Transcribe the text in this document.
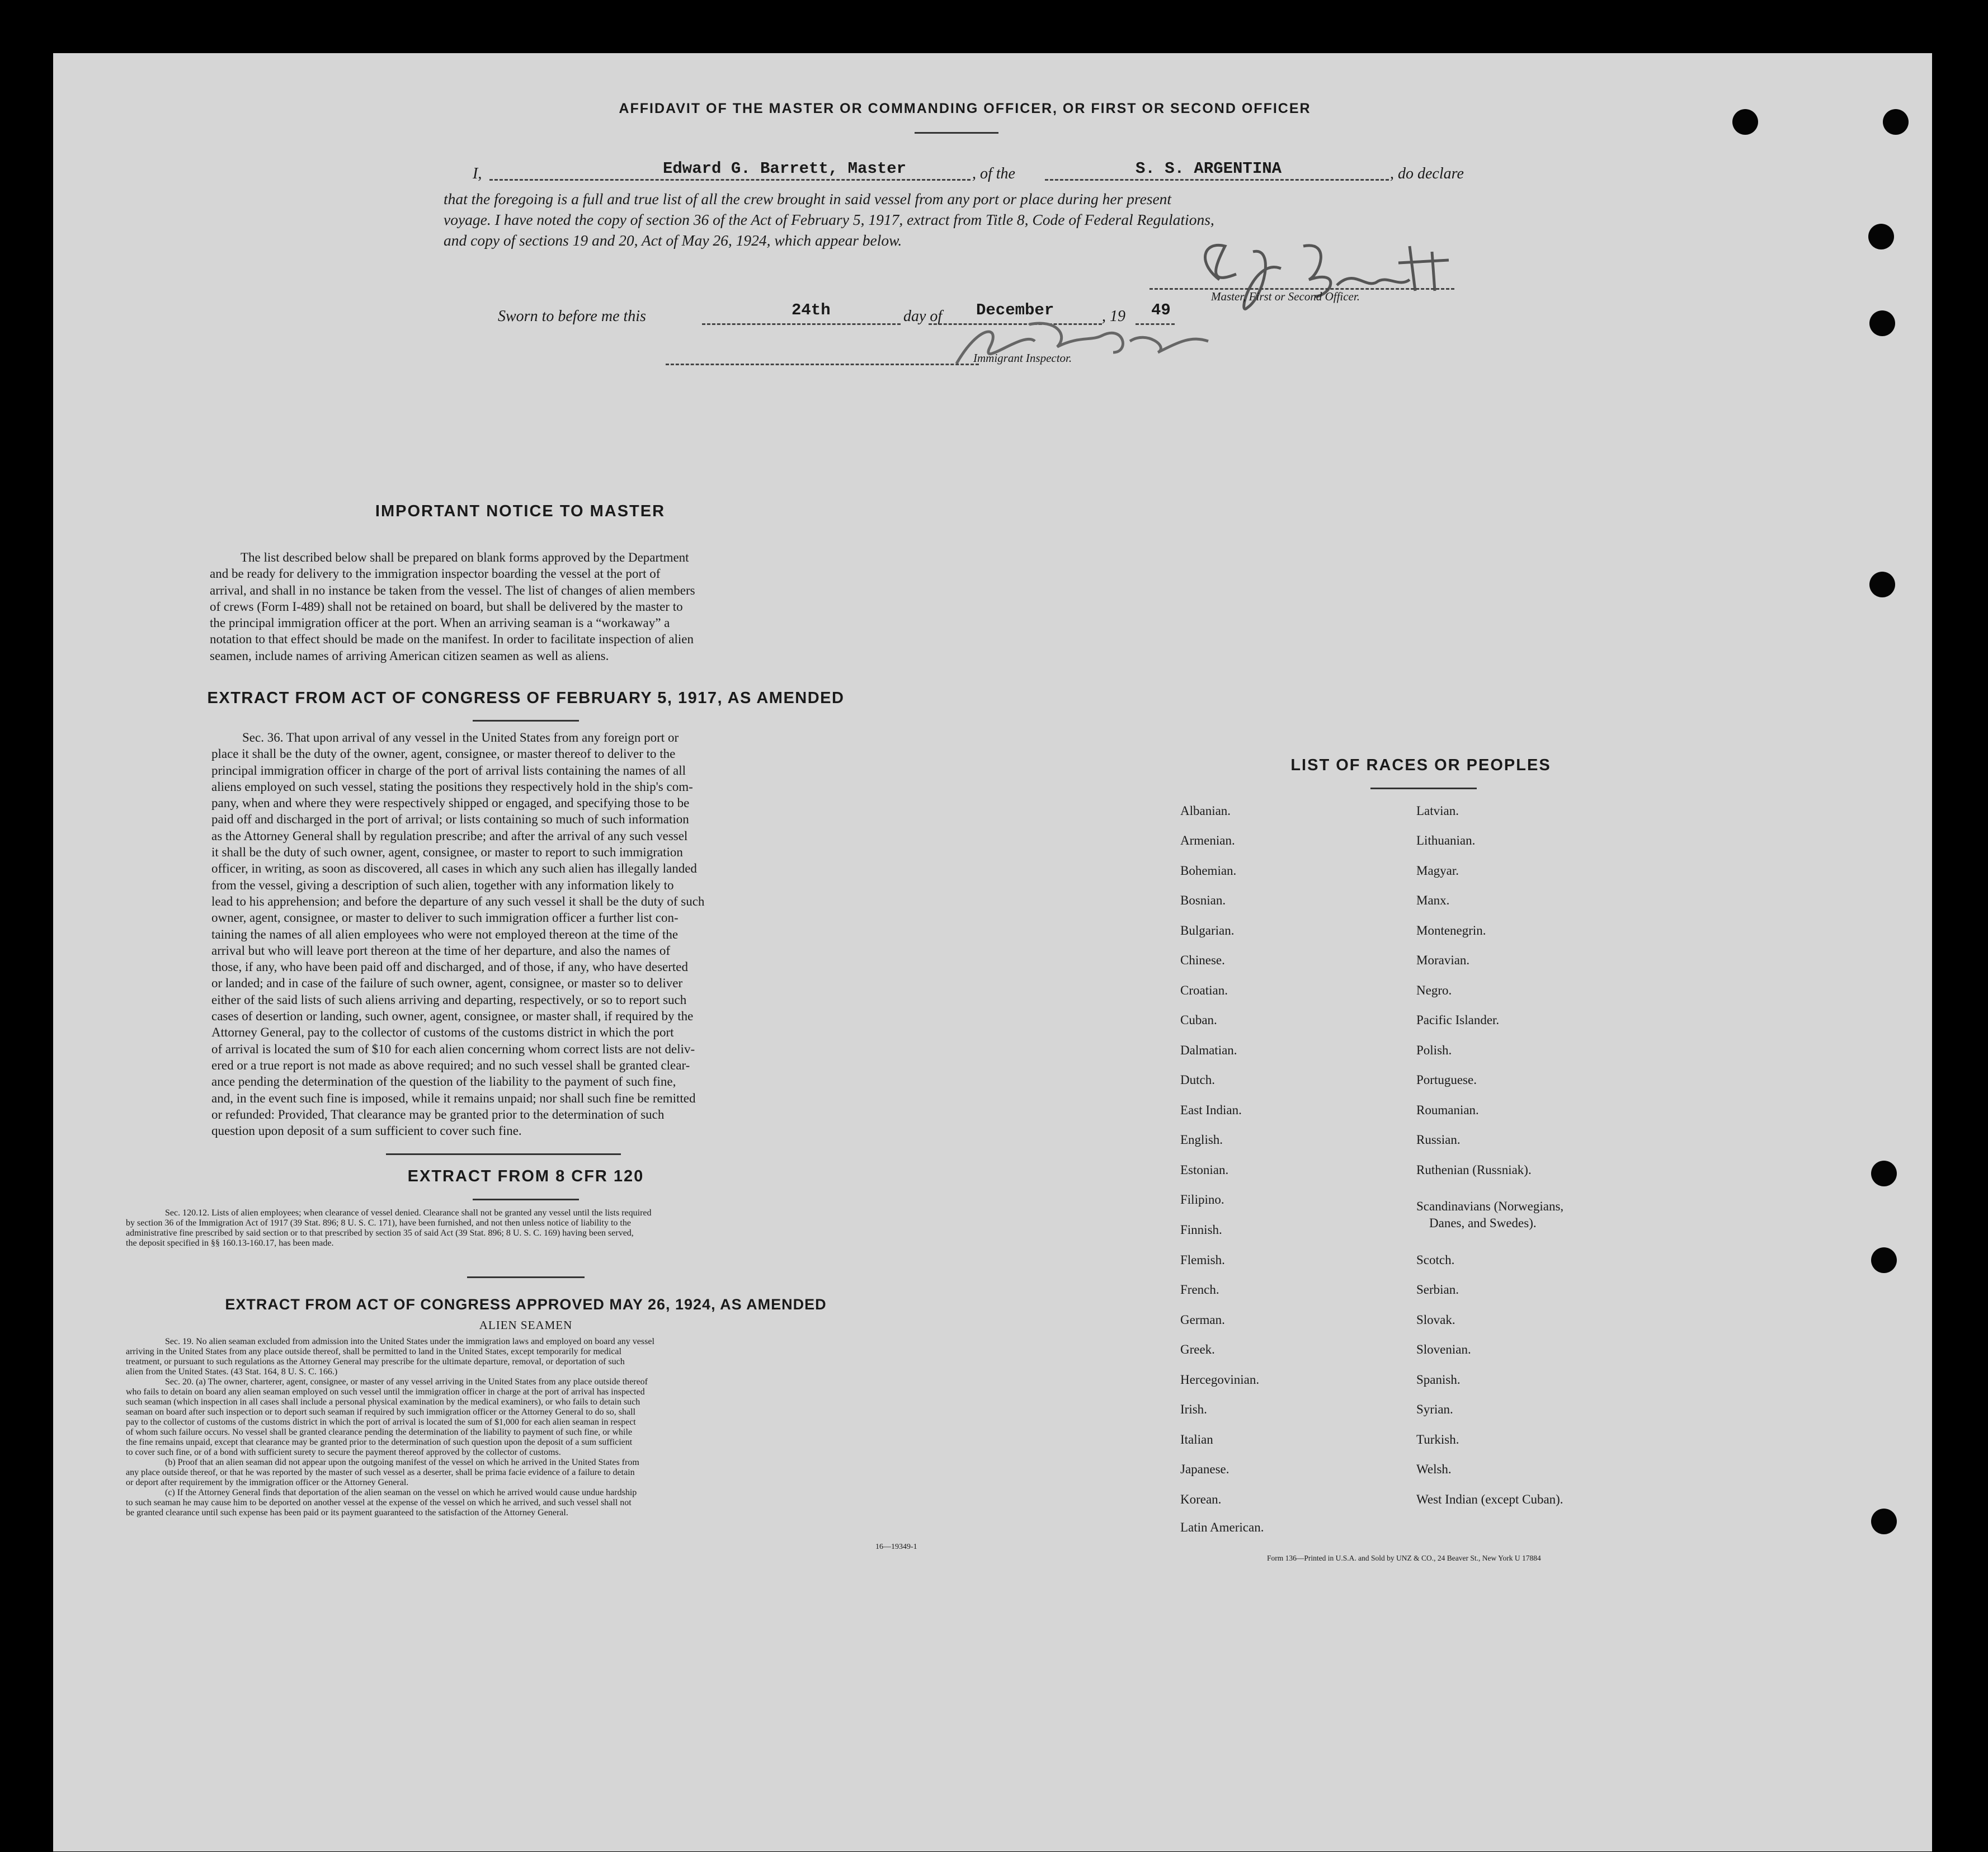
AFFIDAVIT OF THE MASTER OR COMMANDING OFFICER, OR FIRST OR SECOND OFFICER
I,	Edward G. Barrett, Master	, of the	S. S. ARGENTINA	, do declare
that the foregoing is a full and true list of all the crew brought in said vessel from any port or place during her present
voyage. I have noted the copy of section 36 of the Act of February 5, 1917, extract from Title 8, Code of Federal Regulations,
and copy of sections 19 and 20, Act of May 26, 1924, which appear below.
Master, First or Second Officer.
Sworn to before me this	24th	day of December	, 19 49
Immigrant Inspector.
IMPORTANT NOTICE TO MASTER
The list described below shall be prepared on blank forms approved by the Department
and be ready for delivery to the immigration inspector boarding the vessel at the port of
arrival, and shall in no instance be taken from the vessel. The list of changes of alien members
of crews (Form I-489) shall not be retained on board, but shall be delivered by the master to
the principal immigration officer at the port. When an arriving seaman is a “workaway” a
notation to that effect should be made on the manifest. In order to facilitate inspection of alien
seamen, include names of arriving American citizen seamen as well as aliens.
EXTRACT FROM ACT OF CONGRESS OF FEBRUARY 5, 1917, AS AMENDED
Sec. 36. That upon arrival of any vessel in the United States from any foreign port or
place it shall be the duty of the owner, agent, consignee, or master thereof to deliver to the
principal immigration officer in charge of the port of arrival lists containing the names of all
aliens employed on such vessel, stating the positions they respectively hold in the ship's com-
pany, when and where they were respectively shipped or engaged, and specifying those to be
paid off and discharged in the port of arrival; or lists containing so much of such information
as the Attorney General shall by regulation prescribe; and after the arrival of any such vessel
it shall be the duty of such owner, agent, consignee, or master to report to such immigration
officer, in writing, as soon as discovered, all cases in which any such alien has illegally landed
from the vessel, giving a description of such alien, together with any information likely to
lead to his apprehension; and before the departure of any such vessel it shall be the duty of such
owner, agent, consignee, or master to deliver to such immigration officer a further list con-
taining the names of all alien employees who were not employed thereon at the time of the
arrival but who will leave port thereon at the time of her departure, and also the names of
those, if any, who have been paid off and discharged, and of those, if any, who have deserted
or landed; and in case of the failure of such owner, agent, consignee, or master so to deliver
either of the said lists of such aliens arriving and departing, respectively, or so to report such
cases of desertion or landing, such owner, agent, consignee, or master shall, if required by the
Attorney General, pay to the collector of customs of the customs district in which the port
of arrival is located the sum of $10 for each alien concerning whom correct lists are not deliv-
ered or a true report is not made as above required; and no such vessel shall be granted clear-
ance pending the determination of the question of the liability to the payment of such fine,
and, in the event such fine is imposed, while it remains unpaid; nor shall such fine be remitted
or refunded: Provided, That clearance may be granted prior to the determination of such
question upon deposit of a sum sufficient to cover such fine.
EXTRACT FROM 8 CFR 120
Sec. 120.12. Lists of alien employees; when clearance of vessel denied. Clearance shall not be granted any vessel until the lists required
by section 36 of the Immigration Act of 1917 (39 Stat. 896; 8 U. S. C. 171), have been furnished, and not then unless notice of liability to the
administrative fine prescribed by said section or to that prescribed by section 35 of said Act (39 Stat. 896; 8 U. S. C. 169) having been served,
the deposit specified in §§ 160.13-160.17, has been made.
EXTRACT FROM ACT OF CONGRESS APPROVED MAY 26, 1924, AS AMENDED
ALIEN SEAMEN
Sec. 19. No alien seaman excluded from admission into the United States under the immigration laws and employed on board any vessel
arriving in the United States from any place outside thereof, shall be permitted to land in the United States, except temporarily for medical
treatment, or pursuant to such regulations as the Attorney General may prescribe for the ultimate departure, removal, or deportation of such
alien from the United States. (43 Stat. 164, 8 U. S. C. 166.)
Sec. 20. (a) The owner, charterer, agent, consignee, or master of any vessel arriving in the United States from any place outside thereof
who fails to detain on board any alien seaman employed on such vessel until the immigration officer in charge at the port of arrival has inspected
such seaman (which inspection in all cases shall include a personal physical examination by the medical examiners), or who fails to detain such
seaman on board after such inspection or to deport such seaman if required by such immigration officer or the Attorney General to do so, shall
pay to the collector of customs of the customs district in which the port of arrival is located the sum of $1,000 for each alien seaman in respect
of whom such failure occurs. No vessel shall be granted clearance pending the determination of the liability to payment of such fine, or while
the fine remains unpaid, except that clearance may be granted prior to the determination of such question upon the deposit of a sum sufficient
to cover such fine, or of a bond with sufficient surety to secure the payment thereof approved by the collector of customs.
(b) Proof that an alien seaman did not appear upon the outgoing manifest of the vessel on which he arrived in the United States from
any place outside thereof, or that he was reported by the master of such vessel as a deserter, shall be prima facie evidence of a failure to detain
or deport after requirement by the immigration officer or the Attorney General.
(c) If the Attorney General finds that deportation of the alien seaman on the vessel on which he arrived would cause undue hardship
to such seaman he may cause him to be deported on another vessel at the expense of the vessel on which he arrived, and such vessel shall not
be granted clearance until such expense has been paid or its payment guaranteed to the satisfaction of the Attorney General.
16—19349-1
LIST OF RACES OR PEOPLES
Albanian.
Armenian.
Bohemian.
Bosnian.
Bulgarian.
Chinese.
Croatian.
Cuban.
Dalmatian.
Dutch.
East Indian.
English.
Estonian.
Filipino.
Finnish.
Flemish.
French.
German.
Greek.
Hercegovinian.
Irish.
Italian
Japanese.
Korean.
Latin American.
Latvian.
Lithuanian.
Magyar.
Manx.
Montenegrin.
Moravian.
Negro.
Pacific Islander.
Polish.
Portuguese.
Roumanian.
Russian.
Ruthenian (Russniak).
Scandinavians (Norwegians,
Danes, and Swedes).
Scotch.
Serbian.
Slovak.
Slovenian.
Spanish.
Syrian.
Turkish.
Welsh.
West Indian (except Cuban).
Form 136—Printed in U.S.A. and Sold by UNZ & CO., 24 Beaver St., New York U 17884
